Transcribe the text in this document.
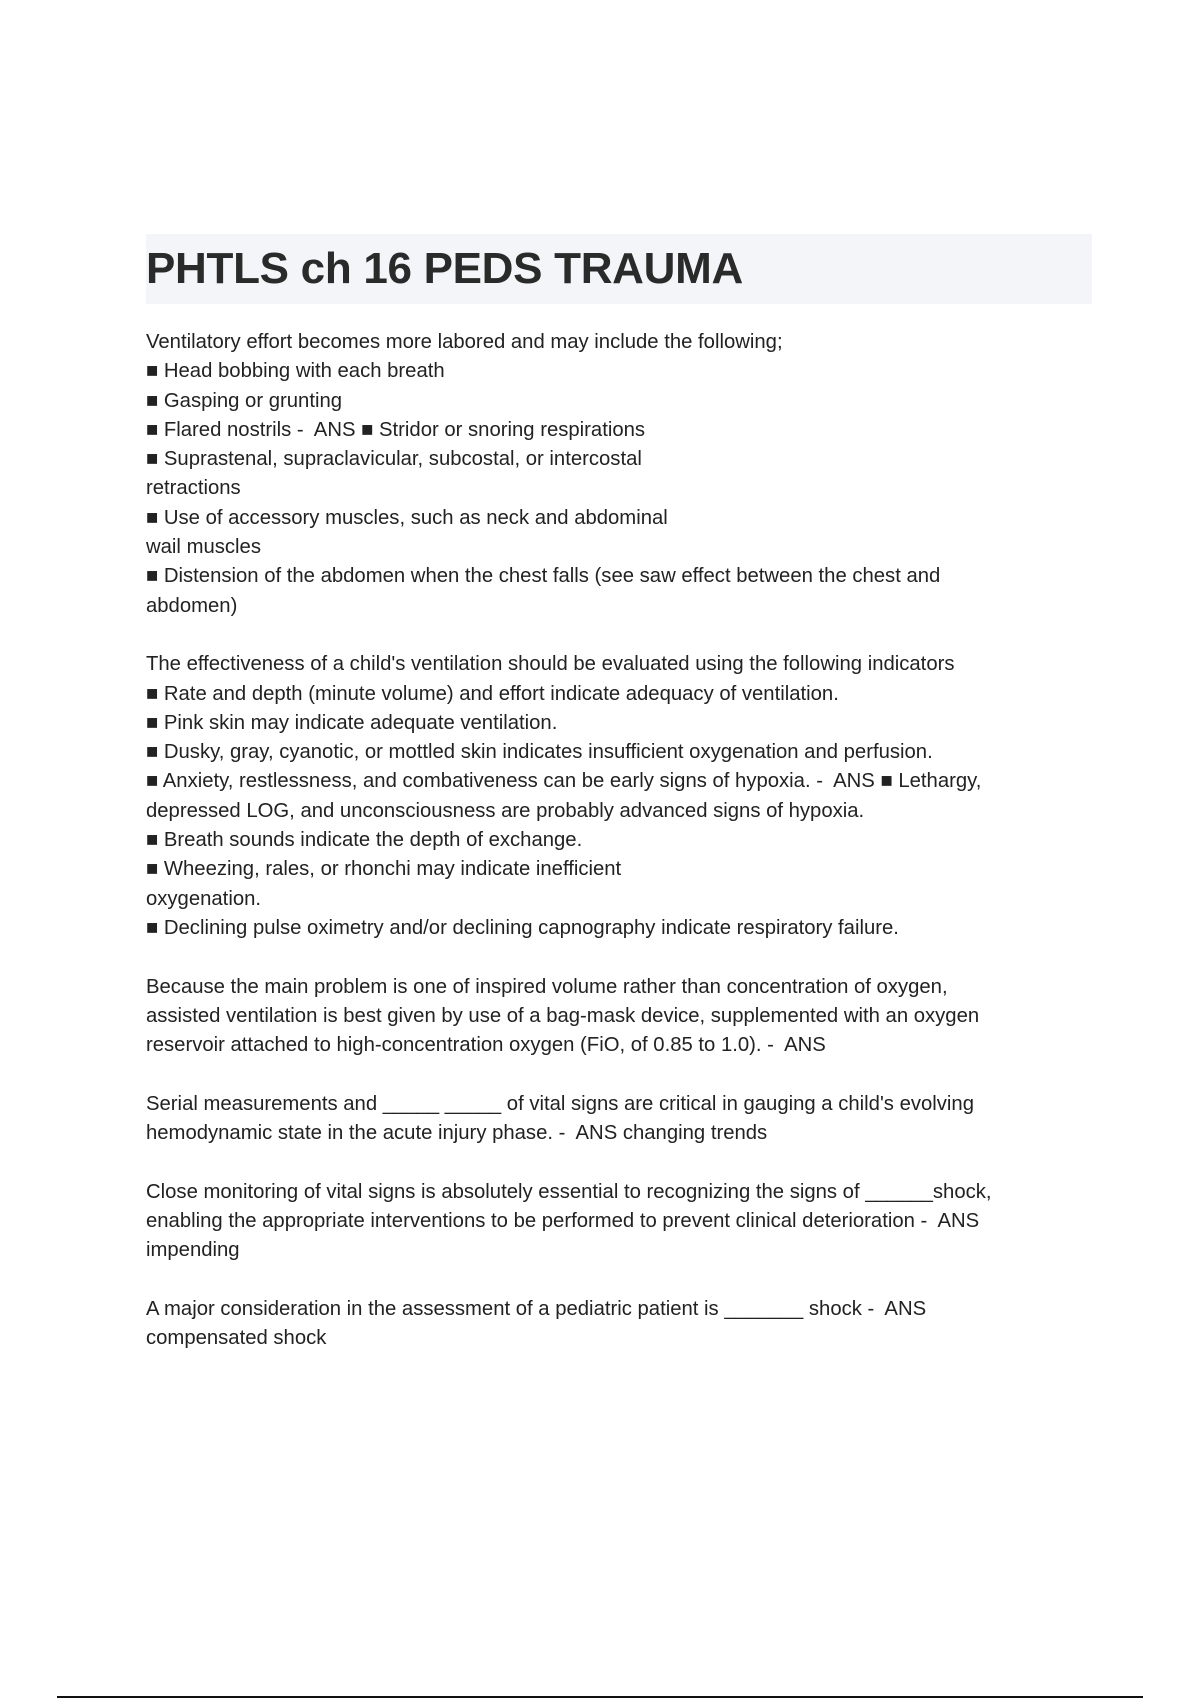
PHTLS ch 16 PEDS TRAUMA

Ventilatory effort becomes more labored and may include the following;
■ Head bobbing with each breath
■ Gasping or grunting
■ Flared nostrils -  ANS ■ Stridor or snoring respirations
■ Suprastenal, supraclavicular, subcostal, or intercostal
retractions
■ Use of accessory muscles, such as neck and abdominal
wail muscles
■ Distension of the abdomen when the chest falls (see saw effect between the chest and
abdomen)

The effectiveness of a child's ventilation should be evaluated using the following indicators
■ Rate and depth (minute volume) and effort indicate adequacy of ventilation.
■ Pink skin may indicate adequate ventilation.
■ Dusky, gray, cyanotic, or mottled skin indicates insufficient oxygenation and perfusion.
■ Anxiety, restlessness, and combativeness can be early signs of hypoxia. -  ANS ■ Lethargy,
depressed LOG, and unconsciousness are probably advanced signs of hypoxia.
■ Breath sounds indicate the depth of exchange.
■ Wheezing, rales, or rhonchi may indicate inefficient
oxygenation.
■ Declining pulse oximetry and/or declining capnography indicate respiratory failure.

Because the main problem is one of inspired volume rather than concentration of oxygen,
assisted ventilation is best given by use of a bag-mask device, supplemented with an oxygen
reservoir attached to high-concentration oxygen (FiO, of 0.85 to 1.0). -  ANS

Serial measurements and _____ _____ of vital signs are critical in gauging a child's evolving
hemodynamic state in the acute injury phase. -  ANS changing trends

Close monitoring of vital signs is absolutely essential to recognizing the signs of ______shock,
enabling the appropriate interventions to be performed to prevent clinical deterioration -  ANS
impending

A major consideration in the assessment of a pediatric patient is _______ shock -  ANS
compensated shock
